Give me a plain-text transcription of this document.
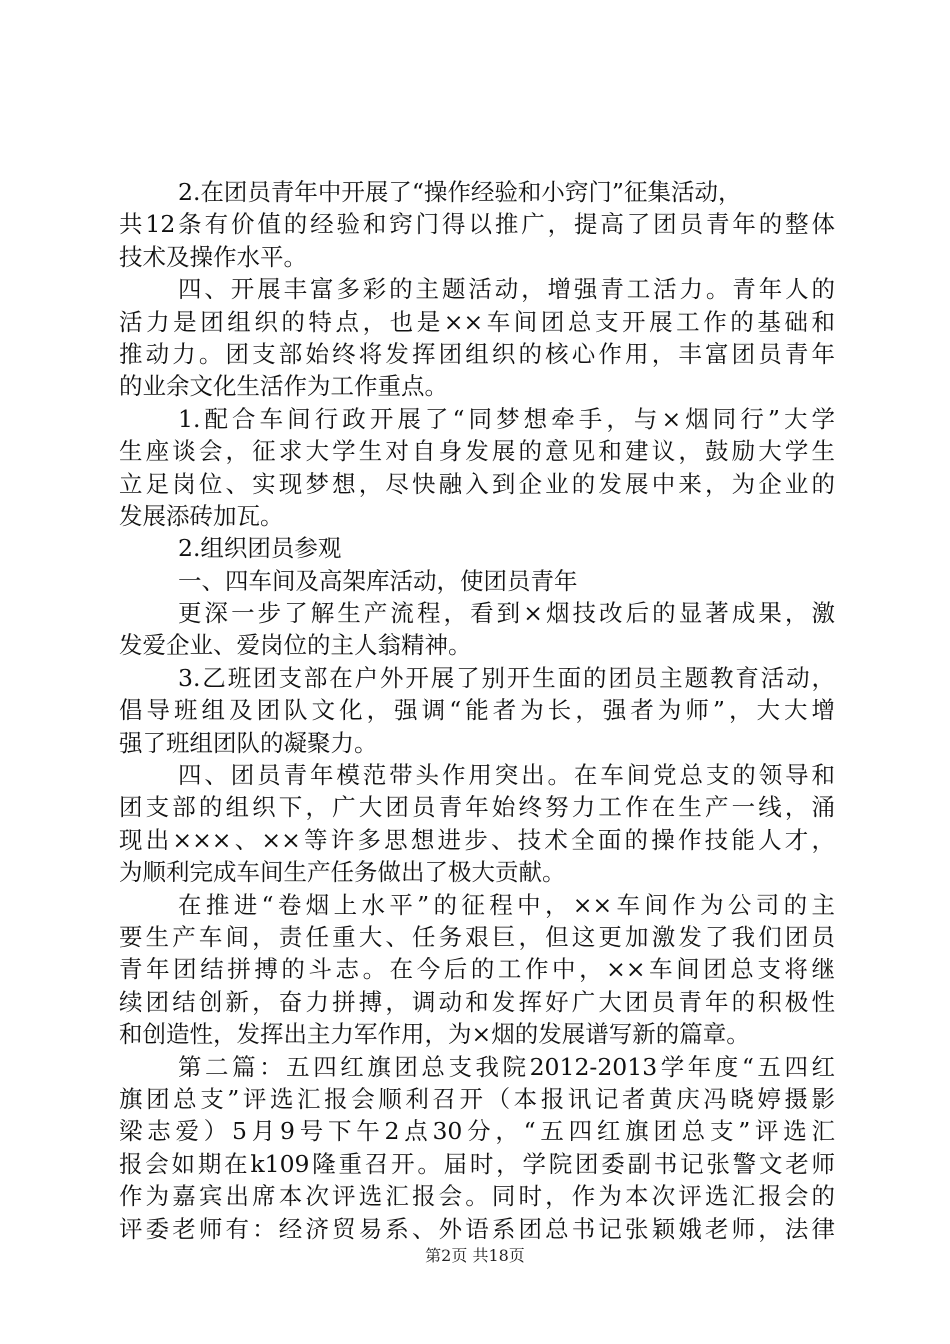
2.在团员青年中开展了“操作经验和小窍门”征集活动，
共12条有价值的经验和窍门得以推广，提高了团员青年的整体
技术及操作水平。
四、开展丰富多彩的主题活动，增强青工活力。青年人的
活力是团组织的特点，也是××车间团总支开展工作的基础和
推动力。团支部始终将发挥团组织的核心作用，丰富团员青年
的业余文化生活作为工作重点。
1.配合车间行政开展了“同梦想牵手，与×烟同行”大学
生座谈会，征求大学生对自身发展的意见和建议，鼓励大学生
立足岗位、实现梦想，尽快融入到企业的发展中来，为企业的
发展添砖加瓦。
2.组织团员参观
一、四车间及高架库活动，使团员青年
更深一步了解生产流程，看到×烟技改后的显著成果，激
发爱企业、爱岗位的主人翁精神。
3.乙班团支部在户外开展了别开生面的团员主题教育活动，
倡导班组及团队文化，强调“能者为长，强者为师”，大大增
强了班组团队的凝聚力。
四、团员青年模范带头作用突出。在车间党总支的领导和
团支部的组织下，广大团员青年始终努力工作在生产一线，涌
现出×××、××等许多思想进步、技术全面的操作技能人才，
为顺利完成车间生产任务做出了极大贡献。
在推进“卷烟上水平”的征程中，××车间作为公司的主
要生产车间，责任重大、任务艰巨，但这更加激发了我们团员
青年团结拼搏的斗志。在今后的工作中，××车间团总支将继
续团结创新，奋力拼搏，调动和发挥好广大团员青年的积极性
和创造性，发挥出主力军作用，为×烟的发展谱写新的篇章。
第二篇：五四红旗团总支我院2012-2013学年度“五四红
旗团总支”评选汇报会顺利召开（本报讯记者黄庆冯晓婷摄影
梁志爱）5月9号下午2点30分，“五四红旗团总支”评选汇
报会如期在k109隆重召开。届时，学院团委副书记张警文老师
作为嘉宾出席本次评选汇报会。同时，作为本次评选汇报会的
评委老师有：经济贸易系、外语系团总书记张颖娥老师，法律
第2页 共18页
